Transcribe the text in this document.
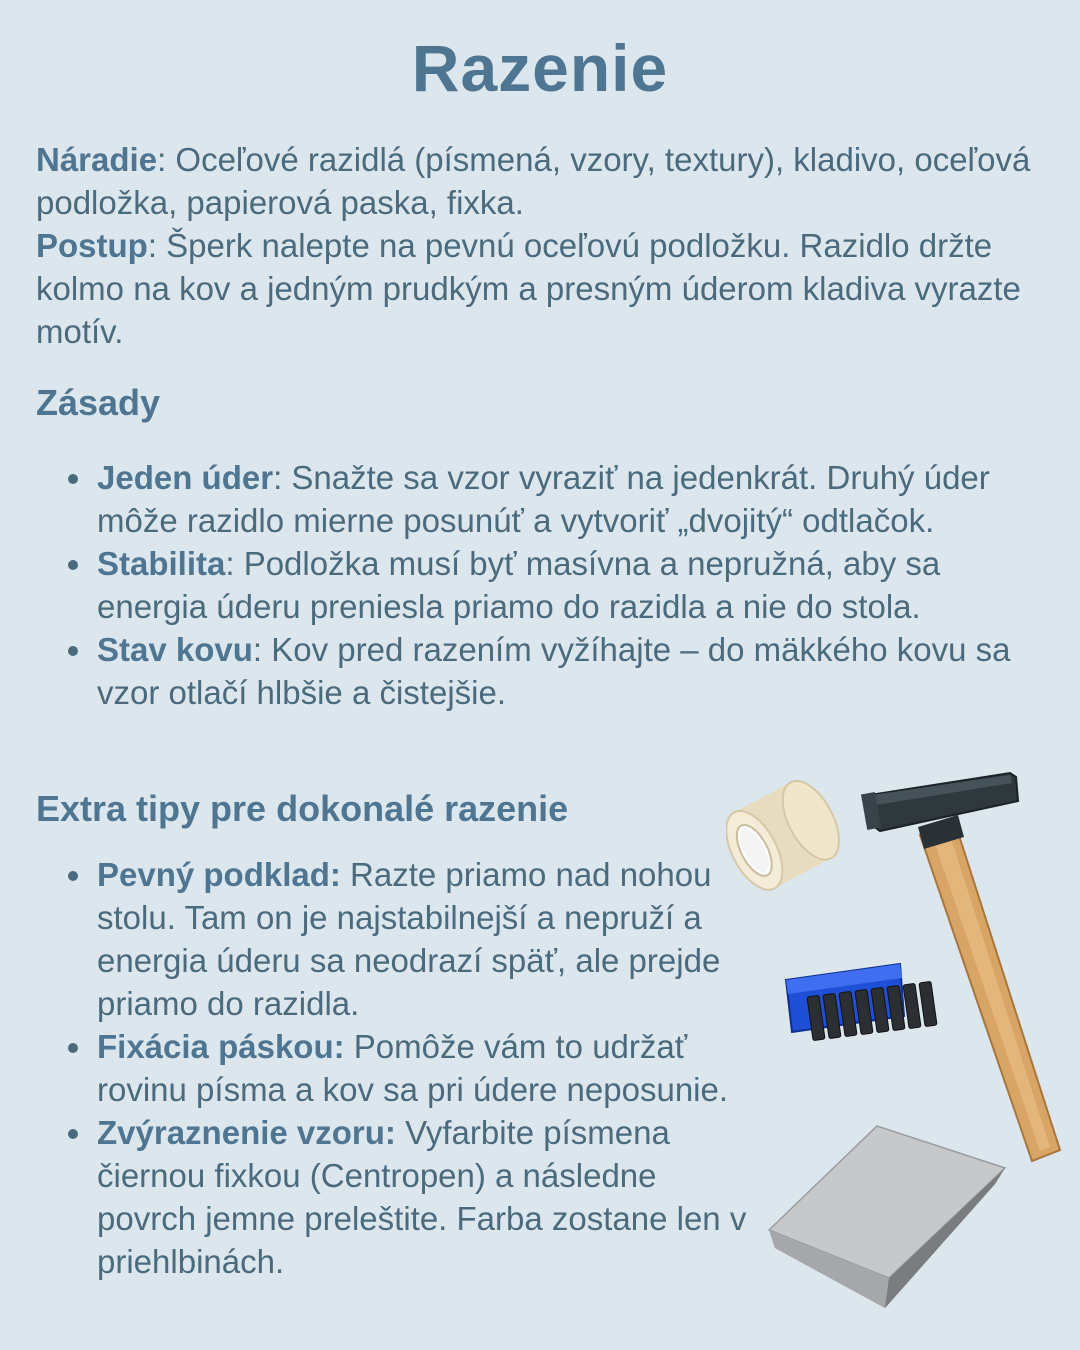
Razenie

Náradie: Oceľové razidlá (písmená, vzory, textury), kladivo, oceľová podložka, papierová paska, fixka.

Postup: Šperk nalepte na pevnú oceľovú podložku. Razidlo držte kolmo na kov a jedným prudkým a presným úderom kladiva vyrazte motív.

Zásady
Jeden úder: Snažte sa vzor vyraziť na jedenkrát. Druhý úder môže razidlo mierne posunúť a vytvoriť „dvojitý“ odtlačok.
Stabilita: Podložka musí byť masívna a nepružná, aby sa energia úderu preniesla priamo do razidla a nie do stola.
Stav kovu: Kov pred razením vyžíhajte – do mäkkého kovu sa vzor otlačí hlbšie a čistejšie.
Extra tipy pre dokonalé razenie
Pevný podklad: Razte priamo nad nohou stolu. Tam on je najstabilnejší a nepruží a energia úderu sa neodrazí späť, ale prejde priamo do razidla.
Fixácia páskou: Pomôže vám to udržať rovinu písma a kov sa pri údere neposunie.
Zvýraznenie vzoru: Vyfarbite písmena čiernou fixkou (Centropen) a následne povrch jemne preleštite. Farba zostane len v priehlbinách.
